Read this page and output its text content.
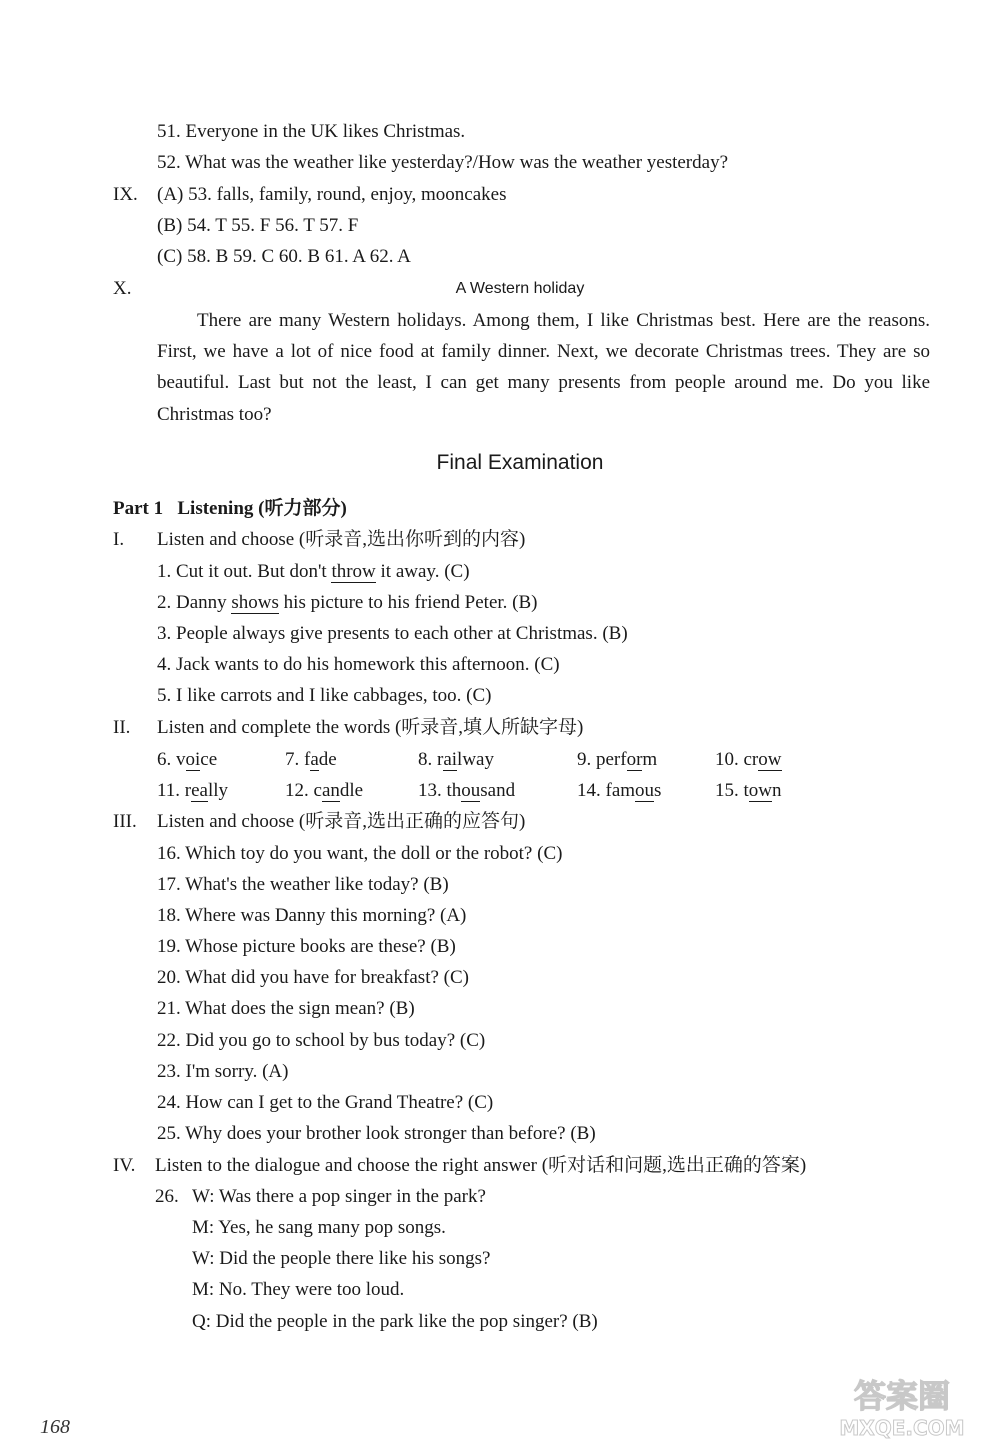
51. Everyone in the UK likes Christmas.
52. What was the weather like yesterday?/How was the weather yesterday?
IX. (A) 53. falls, family, round, enjoy, mooncakes
(B) 54. T 55. F 56. T 57. F
(C) 58. B 59. C 60. B 61. A 62. A
X.	A Western holiday
There are many Western holidays. Among them, I like Christmas best. Here are the reasons. First, we have a lot of nice food at family dinner. Next, we decorate Christmas trees. They are so beautiful. Last but not the least, I can get many presents from people around me. Do you like Christmas too?
Final Examination
Part 1   Listening (听力部分)
I. Listen and choose (听录音,选出你听到的内容)
1. Cut it out. But don't throw it away. (C)
2. Danny shows his picture to his friend Peter. (B)
3. People always give presents to each other at Christmas. (B)
4. Jack wants to do his homework this afternoon. (C)
5. I like carrots and I like cabbages, too. (C)
II. Listen and complete the words (听录音,填人所缺字母)
6. voice	7. fade	8. railway	9. perform	10. crow
11. really	12. candle	13. thousand	14. famous	15. town
III. Listen and choose (听录音,选出正确的应答句)
16. Which toy do you want, the doll or the robot? (C)
17. What's the weather like today? (B)
18. Where was Danny this morning? (A)
19. Whose picture books are these? (B)
20. What did you have for breakfast? (C)
21. What does the sign mean? (B)
22. Did you go to school by bus today? (C)
23. I'm sorry. (A)
24. How can I get to the Grand Theatre? (C)
25. Why does your brother look stronger than before? (B)
IV. Listen to the dialogue and choose the right answer (听对话和问题,选出正确的答案)
26. W: Was there a pop singer in the park?
M: Yes, he sang many pop songs.
W: Did the people there like his songs?
M: No. They were too loud.
Q: Did the people in the park like the pop singer? (B)
168
答案圈
MXQE.COM
